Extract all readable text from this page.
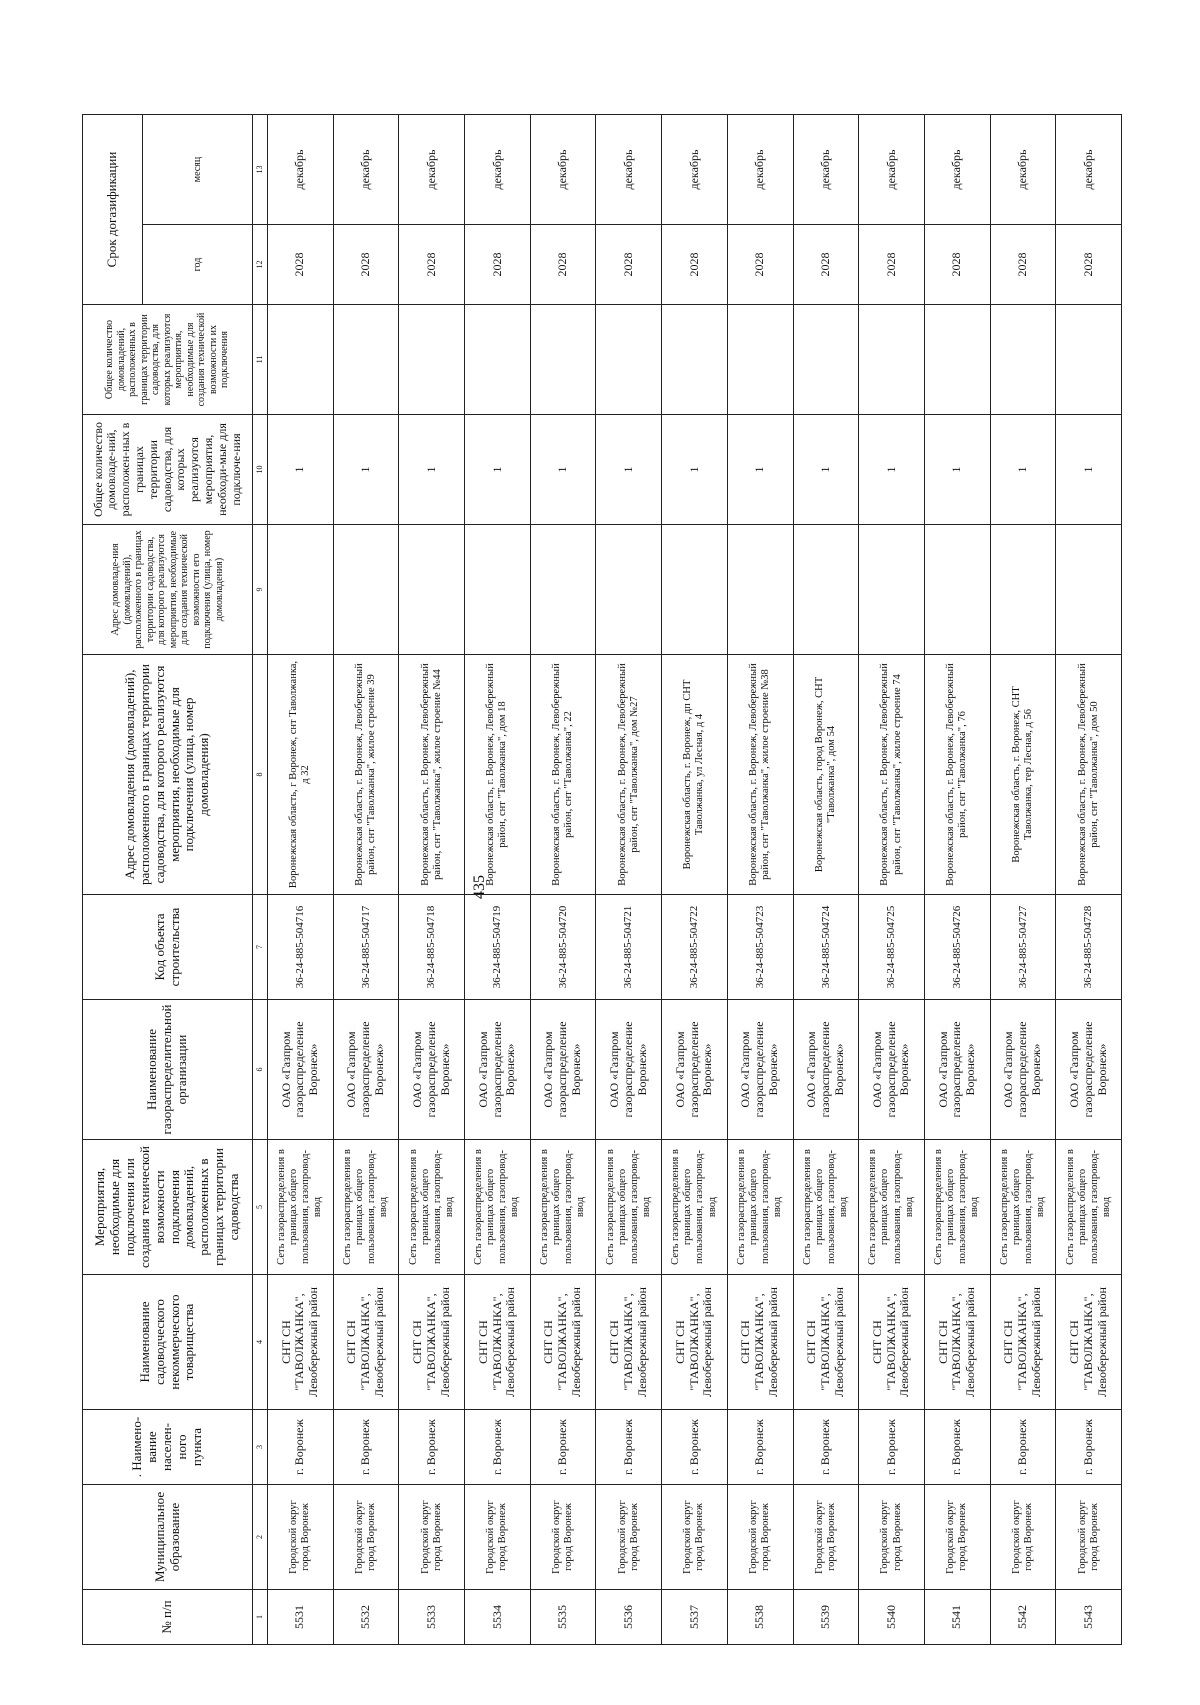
435
№ п/п	Муниципальное образование	. Наимено-вание населен-ного пункта	Наименование садоводческого некоммерческого товарищества	Мероприятия, необходимые для подключения или создания технической возможности подключения домовладений, расположенных в границах территории садоводства	Наименование газораспределительной организации	Код объекта строительства	Адрес домовладения (домовладений), расположенного в границах территории садоводства, для которого реализуются мероприятия, необходимые для подключения (улица, номер домовладения)	Адрес домовладе-ния (домовладений), расположенного в границах территории садоводства, для которого реализуются мероприятия, необходимые для создания технической возможности его подключения (улица, номер домовладения)	Общее количество домовладе-ний, расположен-ных в границах территории садоводства, для которых реализуются мероприятия, необходи-мые для подключе-ния	Общее количество домовладений, расположенных в границах территории садоводства, для которых реализуются мероприятия, необходимые для создания технической возможности их подключения	Срок догазификации	
											год	месяц
1	2	3	4	5	6	7	8	9	10	11	12	13
5531	Городской округ город Воронеж	г. Воронеж	СНТ СН "ТАВОЛЖАНКА", Левобережный район	Сеть газораспределения в границах общего пользования, газопровод-ввод	ОАО «Газпром газораспределение Воронеж»	36-24-885-504716	Воронежская область, г Воронеж, снт Таволжанка, д 32		1		2028	декабрь
5532	Городской округ город Воронеж	г. Воронеж	СНТ СН "ТАВОЛЖАНКА", Левобережный район	Сеть газораспределения в границах общего пользования, газопровод-ввод	ОАО «Газпром газораспределение Воронеж»	36-24-885-504717	Воронежская область, г. Воронеж, Левобережный район, снт "Таволжанка", жилое строение 39		1		2028	декабрь
5533	Городской округ город Воронеж	г. Воронеж	СНТ СН "ТАВОЛЖАНКА", Левобережный район	Сеть газораспределения в границах общего пользования, газопровод-ввод	ОАО «Газпром газораспределение Воронеж»	36-24-885-504718	Воронежская область, г. Воронеж, Левобережный район, снт "Таволжанка", жилое строение №44		1		2028	декабрь
5534	Городской округ город Воронеж	г. Воронеж	СНТ СН "ТАВОЛЖАНКА", Левобережный район	Сеть газораспределения в границах общего пользования, газопровод-ввод	ОАО «Газпром газораспределение Воронеж»	36-24-885-504719	Воронежская область, г. Воронеж, Левобережный район, снт "Таволжанка", дом 18		1		2028	декабрь
5535	Городской округ город Воронеж	г. Воронеж	СНТ СН "ТАВОЛЖАНКА", Левобережный район	Сеть газораспределения в границах общего пользования, газопровод-ввод	ОАО «Газпром газораспределение Воронеж»	36-24-885-504720	Воронежская область, г. Воронеж, Левобережный район, снт "Таволжанка", 22		1		2028	декабрь
5536	Городской округ город Воронеж	г. Воронеж	СНТ СН "ТАВОЛЖАНКА", Левобережный район	Сеть газораспределения в границах общего пользования, газопровод-ввод	ОАО «Газпром газораспределение Воронеж»	36-24-885-504721	Воронежская область, г. Воронеж, Левобережный район, снт "Таволжанка", дом №27		1		2028	декабрь
5537	Городской округ город Воронеж	г. Воронеж	СНТ СН "ТАВОЛЖАНКА", Левобережный район	Сеть газораспределения в границах общего пользования, газопровод-ввод	ОАО «Газпром газораспределение Воронеж»	36-24-885-504722	Воронежская область, г. Воронеж, дп СНТ Таволжанка, ул Лесная, д 4		1		2028	декабрь
5538	Городской округ город Воронеж	г. Воронеж	СНТ СН "ТАВОЛЖАНКА", Левобережный район	Сеть газораспределения в границах общего пользования, газопровод-ввод	ОАО «Газпром газораспределение Воронеж»	36-24-885-504723	Воронежская область, г. Воронеж, Левобережный район, снт "Таволжанка", жилое строение №38		1		2028	декабрь
5539	Городской округ город Воронеж	г. Воронеж	СНТ СН "ТАВОЛЖАНКА", Левобережный район	Сеть газораспределения в границах общего пользования, газопровод-ввод	ОАО «Газпром газораспределение Воронеж»	36-24-885-504724	Воронежская область, город Воронеж, СНТ "Таволжанка", дом 54		1		2028	декабрь
5540	Городской округ город Воронеж	г. Воронеж	СНТ СН "ТАВОЛЖАНКА", Левобережный район	Сеть газораспределения в границах общего пользования, газопровод-ввод	ОАО «Газпром газораспределение Воронеж»	36-24-885-504725	Воронежская область, г. Воронеж, Левобережный район, снт "Таволжанка", жилое строение 74		1		2028	декабрь
5541	Городской округ город Воронеж	г. Воронеж	СНТ СН "ТАВОЛЖАНКА", Левобережный район	Сеть газораспределения в границах общего пользования, газопровод-ввод	ОАО «Газпром газораспределение Воронеж»	36-24-885-504726	Воронежская область, г. Воронеж, Левобережный район, снт "Таволжанка", 76		1		2028	декабрь
5542	Городской округ город Воронеж	г. Воронеж	СНТ СН "ТАВОЛЖАНКА", Левобережный район	Сеть газораспределения в границах общего пользования, газопровод-ввод	ОАО «Газпром газораспределение Воронеж»	36-24-885-504727	Воронежская область, г. Воронеж, СНТ Таволжанка, тер Лесная, д 56		1		2028	декабрь
5543	Городской округ город Воронеж	г. Воронеж	СНТ СН "ТАВОЛЖАНКА", Левобережный район	Сеть газораспределения в границах общего пользования, газопровод-ввод	ОАО «Газпром газораспределение Воронеж»	36-24-885-504728	Воронежская область, г. Воронеж, Левобережный район, снт "Таволжанка", дом 50		1		2028	декабрь
